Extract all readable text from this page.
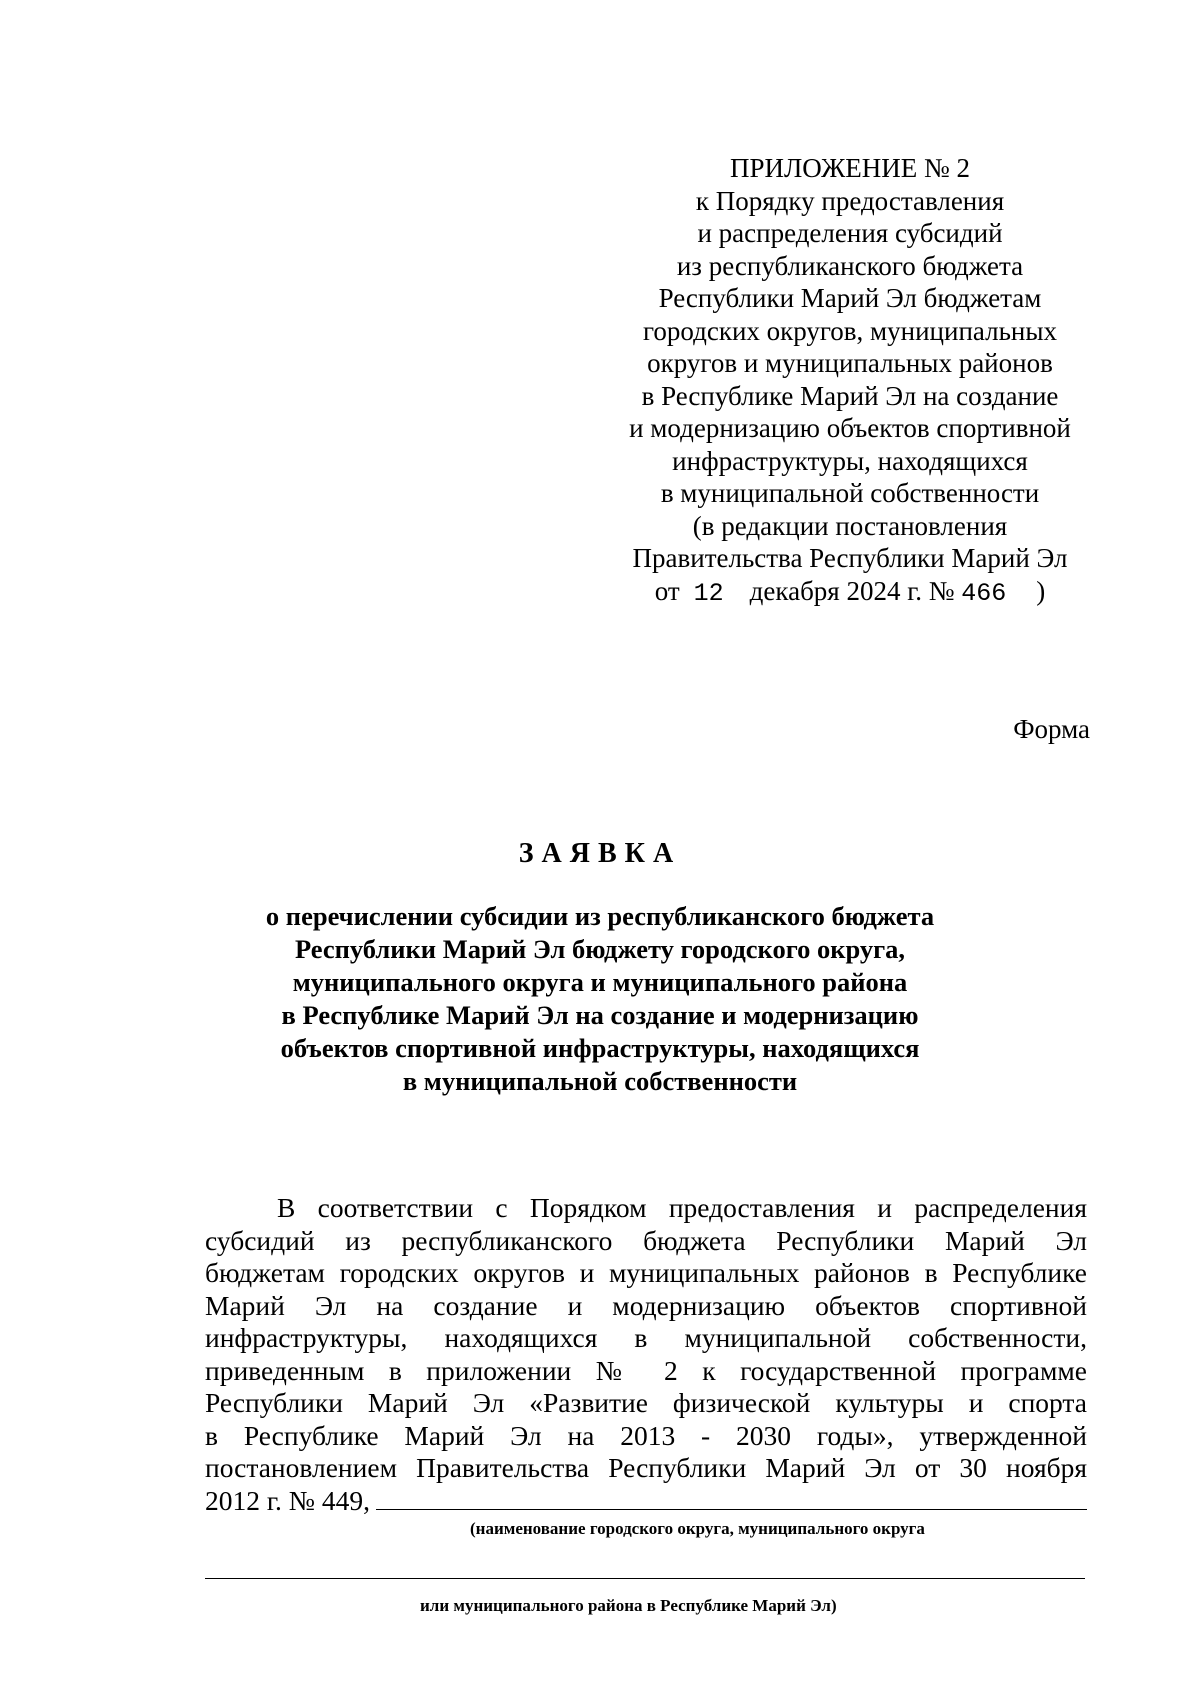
ПРИЛОЖЕНИЕ № 2
к Порядку предоставления
и распределения субсидий
из республиканского бюджета
Республики Марий Эл бюджетам
городских округов, муниципальных
округов и муниципальных районов
в Республике Марий Эл на создание
и модернизацию объектов спортивной
инфраструктуры, находящихся
в муниципальной собственности
(в редакции постановления
Правительства Республики Марий Эл
от 12 декабря 2024 г. № 466 )
Форма
ЗАЯВКА
о перечислении субсидии из республиканского бюджета
Республики Марий Эл бюджету городского округа,
муниципального округа и муниципального района
в Республике Марий Эл на создание и модернизацию
объектов спортивной инфраструктуры, находящихся
в муниципальной собственности
В соответствии с Порядком предоставления и распределения
субсидий из республиканского бюджета Республики Марий Эл
бюджетам городских округов и муниципальных районов в Республике
Марий Эл на создание и модернизацию объектов спортивной
инфраструктуры, находящихся в муниципальной собственности,
приведенным в приложении № 2 к государственной программе
Республики Марий Эл «Развитие физической культуры и спорта
в Республике Марий Эл на 2013 - 2030 годы», утвержденной
постановлением Правительства Республики Марий Эл от 30 ноября
2012 г. № 449,
(наименование городского округа, муниципального округа
или муниципального района в Республике Марий Эл)
